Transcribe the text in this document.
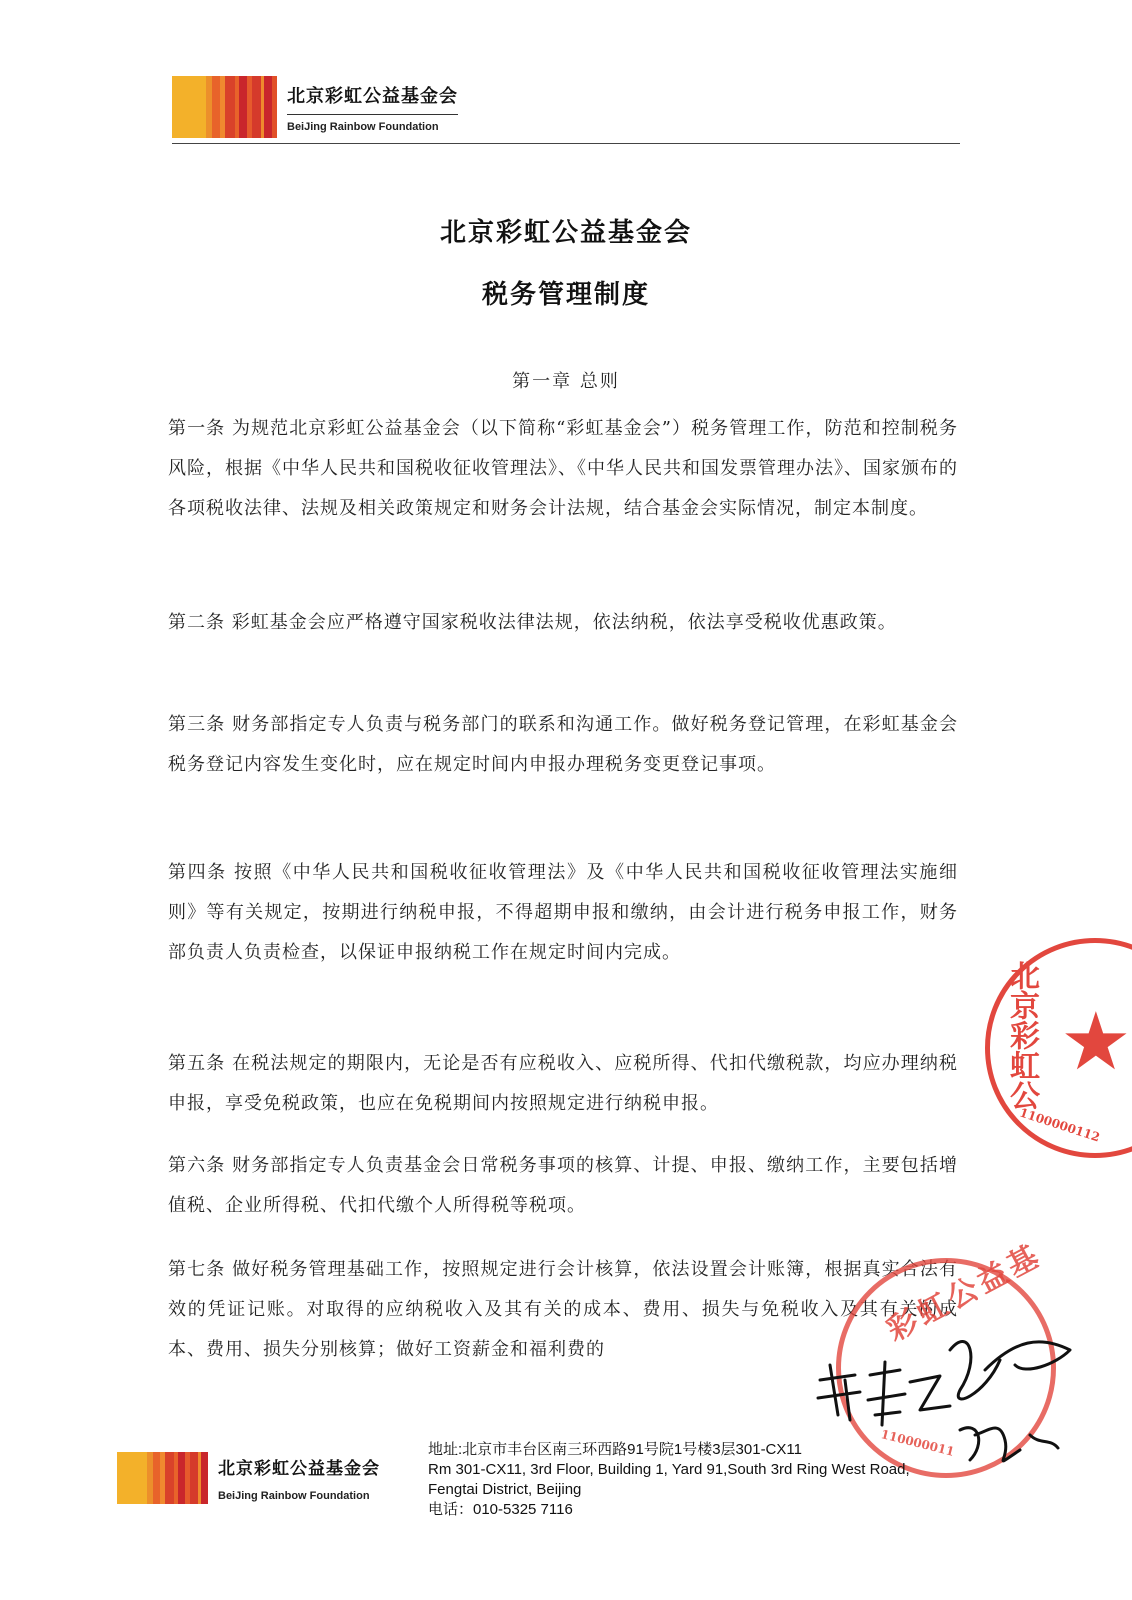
北京彩虹公益基金会
BeiJing Rainbow Foundation
北京彩虹公益基金会
税务管理制度
第一章 总则
第一条 为规范北京彩虹公益基金会（以下简称“彩虹基金会”）税务管理工作，防范和控制税务风险，根据《中华人民共和国税收征收管理法》、《中华人民共和国发票管理办法》、国家颁布的各项税收法律、法规及相关政策规定和财务会计法规，结合基金会实际情况，制定本制度。
第二条 彩虹基金会应严格遵守国家税收法律法规，依法纳税，依法享受税收优惠政策。
第三条 财务部指定专人负责与税务部门的联系和沟通工作。做好税务登记管理，在彩虹基金会税务登记内容发生变化时，应在规定时间内申报办理税务变更登记事项。
第四条 按照《中华人民共和国税收征收管理法》及《中华人民共和国税收征收管理法实施细则》等有关规定，按期进行纳税申报，不得超期申报和缴纳，由会计进行税务申报工作，财务部负责人负责检查，以保证申报纳税工作在规定时间内完成。
第五条 在税法规定的期限内，无论是否有应税收入、应税所得、代扣代缴税款，均应办理纳税申报，享受免税政策，也应在免税期间内按照规定进行纳税申报。
第六条 财务部指定专人负责基金会日常税务事项的核算、计提、申报、缴纳工作，主要包括增值税、企业所得税、代扣代缴个人所得税等税项。
第七条 做好税务管理基础工作，按照规定进行会计核算，依法设置会计账簿，根据真实合法有效的凭证记账。对取得的应纳税收入及其有关的成本、费用、损失与免税收入及其有关的成本、费用、损失分别核算；做好工资薪金和福利费的
★
北京彩虹公
1100000112
彩虹公益基
110000011
北京彩虹公益基金会
BeiJing Rainbow Foundation
地址:北京市丰台区南三环西路91号院1号楼3层301-CX11
Rm 301-CX11, 3rd Floor, Building 1, Yard 91,South 3rd Ring West Road,
Fengtai District, Beijing
电话：010-5325 7116
